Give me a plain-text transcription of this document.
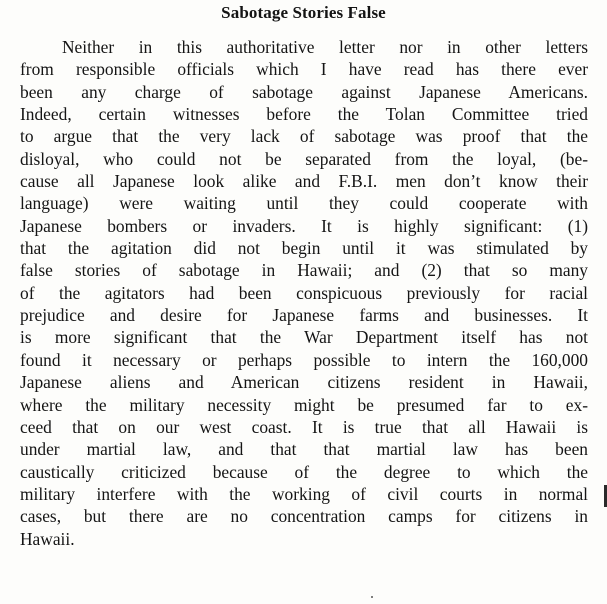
Sabotage Stories False
Neither in this authoritative letter nor in other letters
from responsible officials which I have read has there ever
been any charge of sabotage against Japanese Americans.
Indeed, certain witnesses before the Tolan Committee tried
to argue that the very lack of sabotage was proof that the
disloyal, who could not be separated from the loyal, (be-
cause all Japanese look alike and F.B.I. men don’t know their
language) were waiting until they could cooperate with
Japanese bombers or invaders. It is highly significant: (1)
that the agitation did not begin until it was stimulated by
false stories of sabotage in Hawaii; and (2) that so many
of the agitators had been conspicuous previously for racial
prejudice and desire for Japanese farms and businesses. It
is more significant that the War Department itself has not
found it necessary or perhaps possible to intern the 160,000
Japanese aliens and American citizens resident in Hawaii,
where the military necessity might be presumed far to ex-
ceed that on our west coast. It is true that all Hawaii is
under martial law, and that that martial law has been
caustically criticized because of the degree to which the
military interfere with the working of civil courts in normal
cases, but there are no concentration camps for citizens in
Hawaii.
